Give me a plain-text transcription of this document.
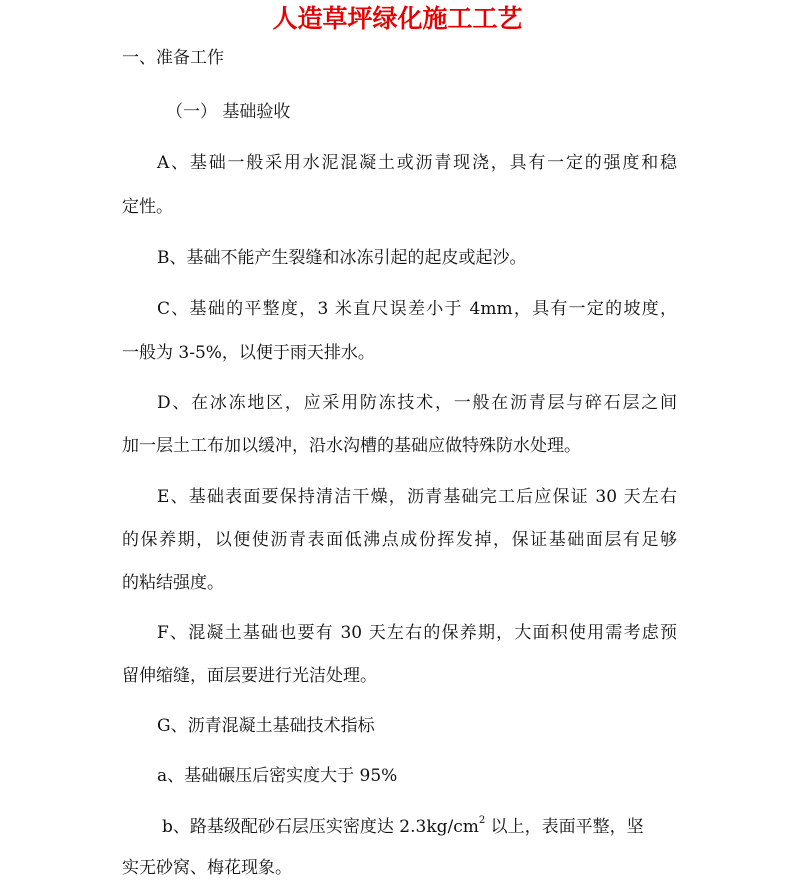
人造草坪绿化施工工艺

一、准备工作

（一） 基础验收

A、基础一般采用水泥混凝土或沥青现浇，具有一定的强度和稳

定性。

B、基础不能产生裂缝和冰冻引起的起皮或起沙。

C、基础的平整度，3 米直尺误差小于 4mm，具有一定的坡度，

一般为 3-5%，以便于雨天排水。

D、在冰冻地区，应采用防冻技术，一般在沥青层与碎石层之间

加一层土工布加以缓冲，沿水沟槽的基础应做特殊防水处理。

E、基础表面要保持清洁干燥，沥青基础完工后应保证 30 天左右

的保养期，以便使沥青表面低沸点成份挥发掉，保证基础面层有足够

的粘结强度。

F、混凝土基础也要有 30 天左右的保养期，大面积使用需考虑预

留伸缩缝，面层要进行光洁处理。

G、沥青混凝土基础技术指标

a、基础碾压后密实度大于 95%

b、路基级配砂石层压实密度达 $2.3kg/cm^2$ 以上，表面平整，坚

实无砂窝、梅花现象。
